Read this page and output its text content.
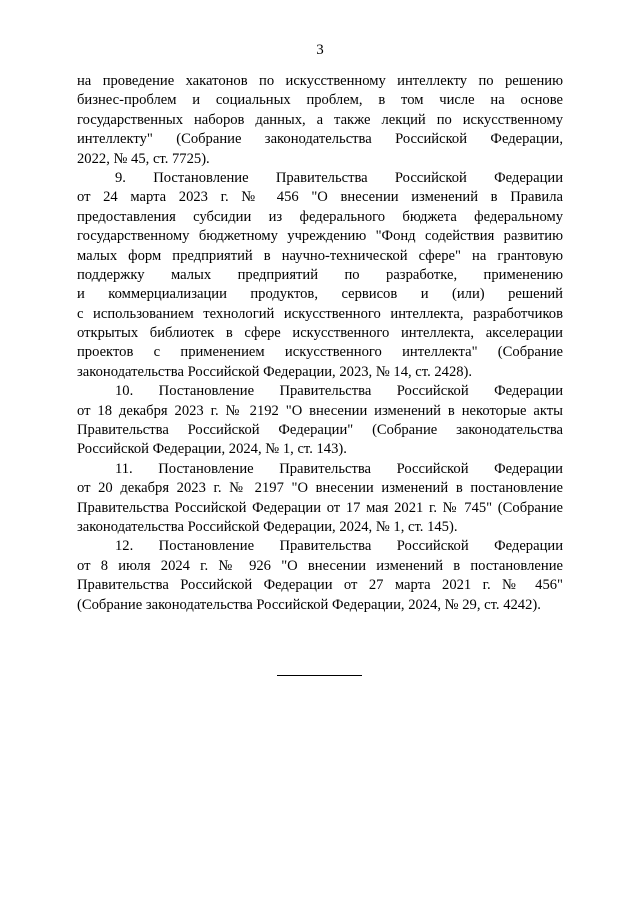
3
на проведение хакатонов по искусственному интеллекту по решению
бизнес-проблем и социальных проблем, в том числе на основе
государственных наборов данных, а также лекций по искусственному
интеллекту" (Собрание законодательства Российской Федерации,
2022, № 45, ст. 7725).
9. Постановление Правительства Российской Федерации
от 24 марта 2023 г. № 456 "О внесении изменений в Правила
предоставления субсидии из федерального бюджета федеральному
государственному бюджетному учреждению "Фонд содействия развитию
малых форм предприятий в научно-технической сфере" на грантовую
поддержку малых предприятий по разработке, применению
и коммерциализации продуктов, сервисов и (или) решений
с использованием технологий искусственного интеллекта, разработчиков
открытых библиотек в сфере искусственного интеллекта, акселерации
проектов с применением искусственного интеллекта" (Собрание
законодательства Российской Федерации, 2023, № 14, ст. 2428).
10. Постановление Правительства Российской Федерации
от 18 декабря 2023 г. № 2192 "О внесении изменений в некоторые акты
Правительства Российской Федерации" (Собрание законодательства
Российской Федерации, 2024, № 1, ст. 143).
11. Постановление Правительства Российской Федерации
от 20 декабря 2023 г. № 2197 "О внесении изменений в постановление
Правительства Российской Федерации от 17 мая 2021 г. № 745" (Собрание
законодательства Российской Федерации, 2024, № 1, ст. 145).
12. Постановление Правительства Российской Федерации
от 8 июля 2024 г. № 926 "О внесении изменений в постановление
Правительства Российской Федерации от 27 марта 2021 г. № 456"
(Собрание законодательства Российской Федерации, 2024, № 29, ст. 4242).
